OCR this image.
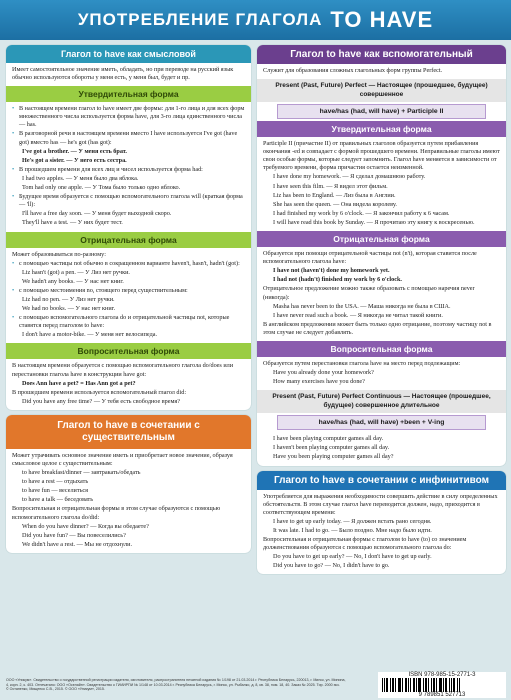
УПОТРЕБЛЕНИЕ ГЛАГОЛА TO HAVE
Глагол to have как смысловой

Имеет самостоятельное значение иметь, обладать, но при переводе на русский язык обычно используются обороты у меня есть, у меня был, будет и пр.

Утвердительная форма

• В настоящем времени глагол to have имеет две формы: для 1-го лица и для всех форм множественного числа используется форма have, для 3-го лица единственного числа — has.

• В разговорной речи в настоящем времени вместо I have используется I've got (have got) вместо has — he's got (has got):

I've got a brother. — У меня есть брат.

He's got a sister. — У него есть сестра.

• В прошедшем времени для всех лиц и чисел используется форма had:

I had two apples. — У меня было два яблока.

Tom had only one apple. — У Тома было только одно яблоко.

• Будущее время образуется с помощью вспомогательного глагола will (краткая форма — 'll):

I'll have a free day soon. — У меня будет выходной скоро.

They'll have a test. — У них будет тест.

Отрицательная форма

Может образовываться по-разному:

• с помощью частицы not обычно в сокращенном варианте haven't, hasn't, hadn't (got):

Liz hasn't (got) a pen. — У Лиз нет ручки.

We hadn't any books. — У нас нет книг.

• с помощью местоимения no, стоящего перед существительным:

Liz had no pen. — У Лиз нет ручки.

We had no books. — У нас нет книг.

• с помощью вспомогательного глагола do и отрицательной частицы not, которые ставятся перед глаголом to have:

I don't have a motor-bike. — У меня нет велосипеда.

Вопросительная форма

В настоящем времени образуется с помощью вспомогательного глагола do/does или перестановки глагола have в конструкции have got:

Does Ann have a pet? = Has Ann got a pet?

В прошедшем времени используется вспомогательный глагол did:

Did you have any free time? — У тебя есть свободное время?

Глагол to have в сочетании с существительным

Может утрачивать основное значение иметь и приобретает новое значение, образуя смысловое целое с существительным:

to have breakfast/dinner — завтракать/обедать

to have a rest — отдыхать

to have fun — веселиться

to have a talk — беседовать

Вопросительная и отрицательная формы в этом случае образуются с помощью вспомогательного глагола do/did:

When do you have dinner? — Когда вы обедаете?

Did you have fun? — Вы повеселились?

We didn't have a rest. — Мы не отдохнули.

Глагол to have как вспомогательный

Служит для образования сложных глагольных форм группы Perfect.

Present (Past, Future) Perfect — Настоящее (прошедшее, будущее) совершенное
have/has (had, will have) + Participle II
Утвердительная форма

Participle II (причастие II) от правильных глаголов образуется путем прибавления окончания -ed и совпадает с формой прошедшего времени. Неправильные глаголы имеют свои особые формы, которые следует запомнить. Глагол have меняется в зависимости от требуемого времени, форма причастия остается неизменной.

I have done my homework. — Я сделал домашнюю работу.

I have seen this film. — Я видел этот фильм.

Liz has been to England. — Лиз была в Англии.

She has seen the queen. — Она видела королеву.

I had finished my work by 6 o'clock. — Я закончил работу к 6 часам.

I will have read this book by Sunday. — Я прочитаю эту книгу к воскресенью.

Отрицательная форма

Образуется при помощи отрицательной частицы not (n't), которая ставится после вспомогательного глагола have:

I have not (haven't) done my homework yet.

I had not (hadn't) finished my work by 6 o'clock.

Отрицательное предложение можно также образовать с помощью наречия never (никогда):

Masha has never been to the USA. — Маша никогда не была в США.

I have never read such a book. — Я никогда не читал такой книги.

В английском предложении может быть только одно отрицание, поэтому частицу not в этом случае не следует добавлять.

Вопросительная форма

Образуется путем перестановки глагола have на место перед подлежащим:

Have you already done your homework?

How many exercises have you done?

Present (Past, Future) Perfect Continuous — Настоящее (прошедшее, будущее) совершенное длительное
have/has (had, will have) +been + V-ing

I have been playing computer games all day.

I haven't been playing computer games all day.

Have you been playing computer games all day?

Глагол to have в сочетании с инфинитивом

Употребляется для выражения необходимости совершить действие в силу определенных обстоятельств. В этом случае глагол have переводится должен, надо, приходится в соответствующем времени:

I have to get up early today. — Я должен встать рано сегодня.

It was late. I had to go. — Было поздно. Мне надо было идти.

Вопросительная и отрицательная формы с глаголом to have (to) со значением долженствования образуются с помощью вспомогательного глагола do:

Do you have to get up early? — No, I don't have to get up early.

Did you have to go? — No, I didn't have to go.

ООО «Уникум». Свидетельство о государственной регистрации издателя, изготовителя, распространителя печатной издания № 1/198 от 21.03.2014 г. Республика Беларусь, 220013, г. Минск, ул. Минина, 4, корп. 2, к. 403. Отпечатано: ООО «Оселайн». Свидетельство о ГИИИРПИ № 1/148 от 10.03.2014 г. Республика Беларусь, г. Минск, ул. Рыбалко, д. 8, кв. 38, пом. 18, 40. Заказ № 2025. Тир. 2000 экз.
© Остапенко, Мищенко С.В., 2015. © ООО «Уникум», 2015.
ISBN 978-985-15-2771-3
9 789851 527713
